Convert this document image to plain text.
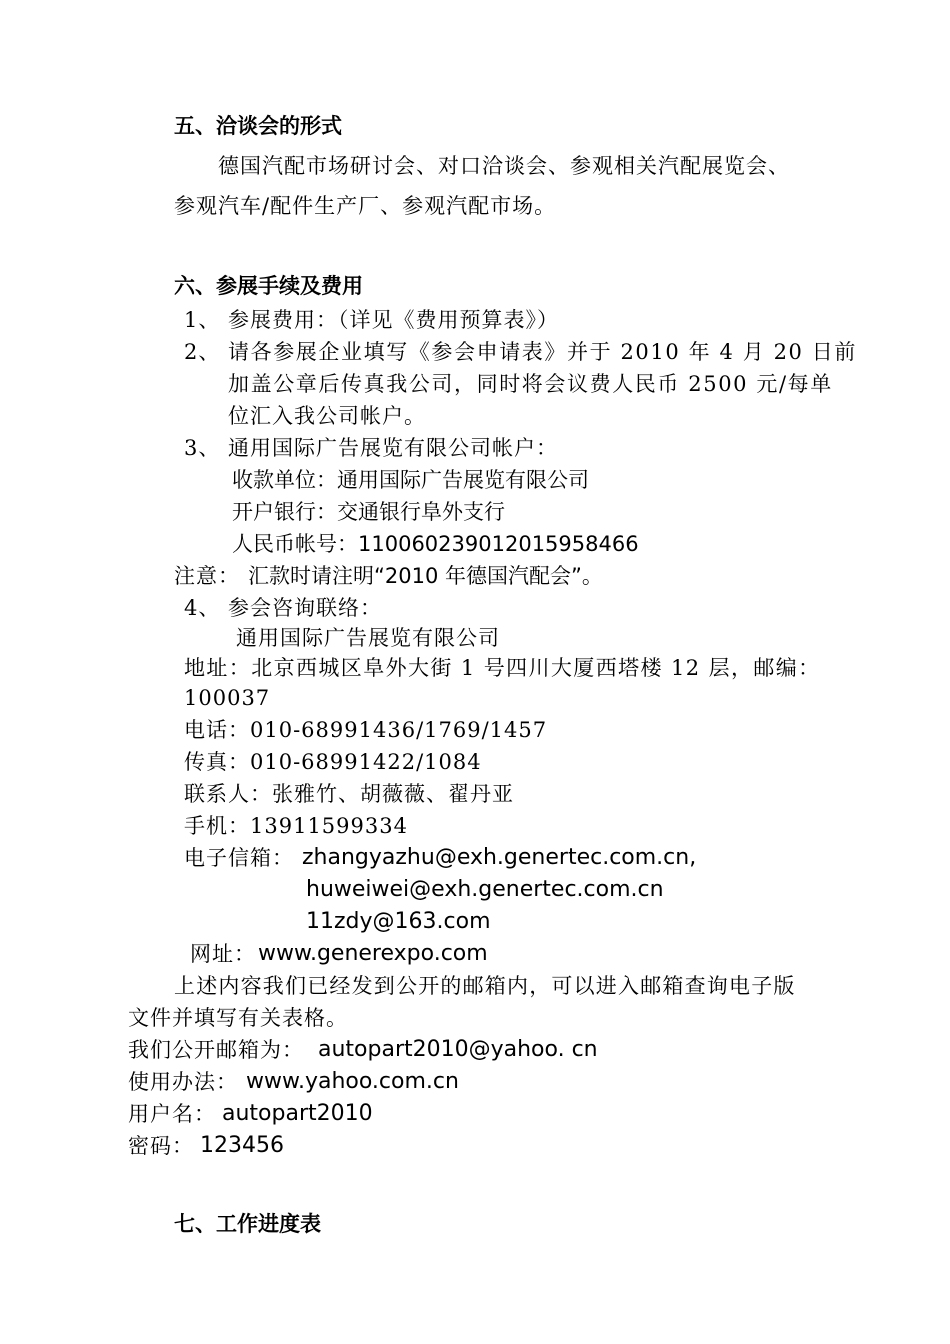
五、洽谈会的形式
德国汽配市场研讨会、对口洽谈会、参观相关汽配展览会、
参观汽车/配件生产厂、参观汽配市场。
六、参展手续及费用
1、 参展费用：（详见《费用预算表》）
2、 请各参展企业填写《参会申请表》并于 2010 年 4 月 20 日前
加盖公章后传真我公司，同时将会议费人民币 2500 元/每单
位汇入我公司帐户。
3、 通用国际广告展览有限公司帐户：
收款单位：通用国际广告展览有限公司
开户银行：交通银行阜外支行
人民币帐号：110060239012015958466
注意： 汇款时请注明“2010 年德国汽配会”。
4、 参会咨询联络：
通用国际广告展览有限公司
地址：北京西城区阜外大街 1 号四川大厦西塔楼 12 层，邮编：
100037
电话：010-68991436/1769/1457
传真：010-68991422/1084
联系人：张雅竹、胡薇薇、翟丹亚
手机：13911599334
电子信箱： zhangyazhu@exh.genertec.com.cn,
huweiwei@exh.genertec.com.cn
11zdy@163.com
网址： www.generexpo.com
上述内容我们已经发到公开的邮箱内，可以进入邮箱查询电子版
文件并填写有关表格。
我们公开邮箱为： autopart2010@yahoo. cn
使用办法： www.yahoo.com.cn
用户名： autopart2010
密码： 123456
七、工作进度表
